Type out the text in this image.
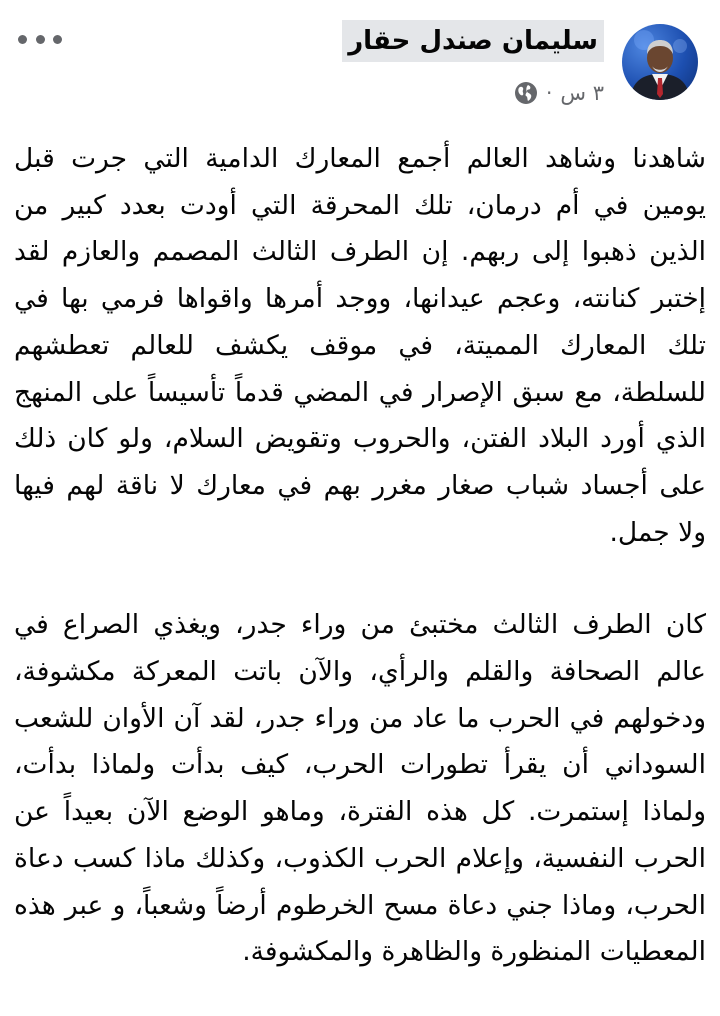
سليمان صندل حقار
٣ س
·

شاهدنا وشاهد العالم أجمع المعارك الدامية التي جرت قبل يومين في أم درمان، تلك المحرقة التي أودت بعدد كبير من الذين ذهبوا إلى ربهم. إن الطرف الثالث المصمم والعازم لقد إختبر كنانته، وعجم عيدانها، ووجد أمرها واقواها فرمي بها في تلك المعارك المميتة، في موقف يكشف للعالم تعطشهم للسلطة، مع سبق الإصرار في المضي قدماً تأسيساً على المنهج الذي أورد البلاد الفتن، والحروب وتقويض السلام، ولو كان ذلك على أجساد شباب صغار مغرر بهم في معارك لا ناقة لهم فيها ولا جمل.

كان الطرف الثالث مختبئ من وراء جدر، ويغذي الصراع في عالم الصحافة والقلم والرأي، والآن باتت المعركة مكشوفة، ودخولهم في الحرب ما عاد من وراء جدر، لقد آن الأوان للشعب السوداني أن يقرأ تطورات الحرب، كيف بدأت ولماذا بدأت، ولماذا إستمرت. كل هذه الفترة، وماهو الوضع الآن بعيداً عن الحرب النفسية، وإعلام الحرب الكذوب، وكذلك ماذا كسب دعاة الحرب، وماذا جني دعاة مسح الخرطوم أرضاً وشعباً، و عبر هذه المعطيات المنظورة والظاهرة والمكشوفة.
